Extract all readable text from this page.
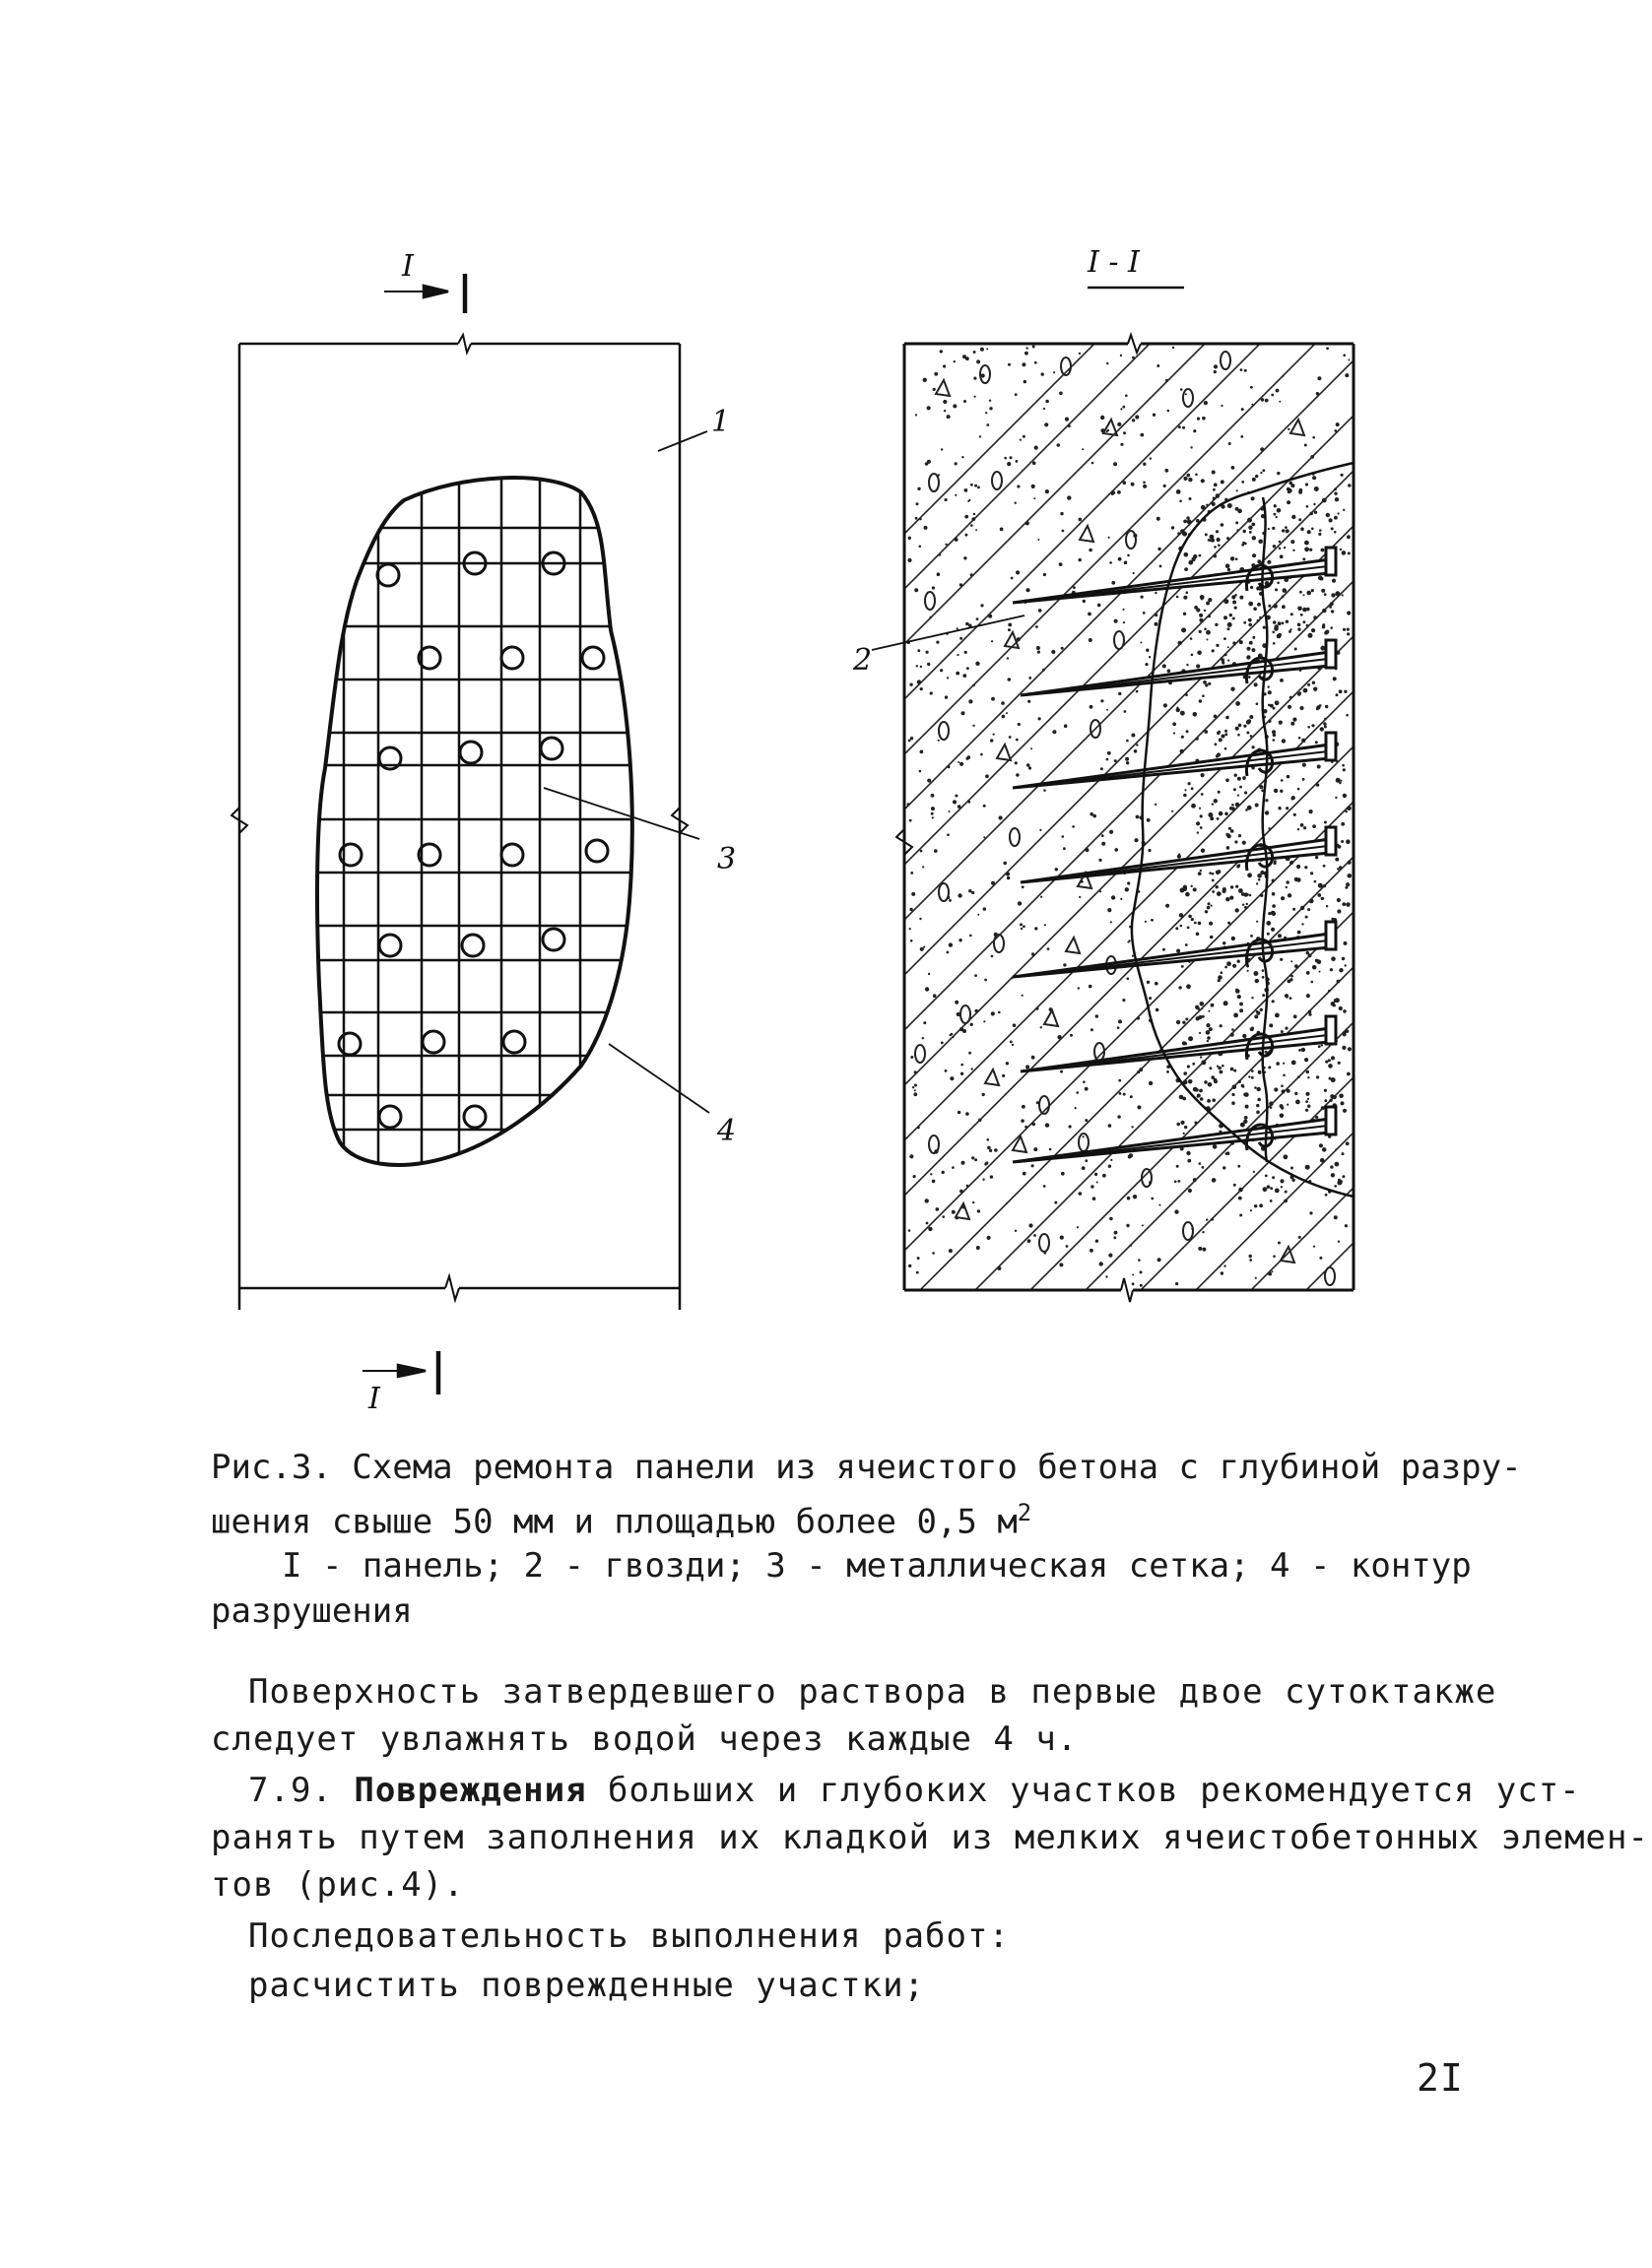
I
I
1
3
4
I - I
2
Рис.3. Схема ремонта панели из ячеистого бетона с глубиной разру-
шения свыше 50 мм и площадью более 0,5 $м^2$
I - панель; 2 - гвозди; 3 - металлическая сетка; 4 - контур
разрушения
Поверхность затвердевшего раствора в первые двое суток также
следует увлажнять водой через каждые 4 ч.
7.9. Повреждения больших и глубоких участков рекомендуется уст-
ранять путем заполнения их кладкой из мелких ячеистобетонных элемен-
тов (рис.4).
Последовательность выполнения работ:
расчистить поврежденные участки;
2I
